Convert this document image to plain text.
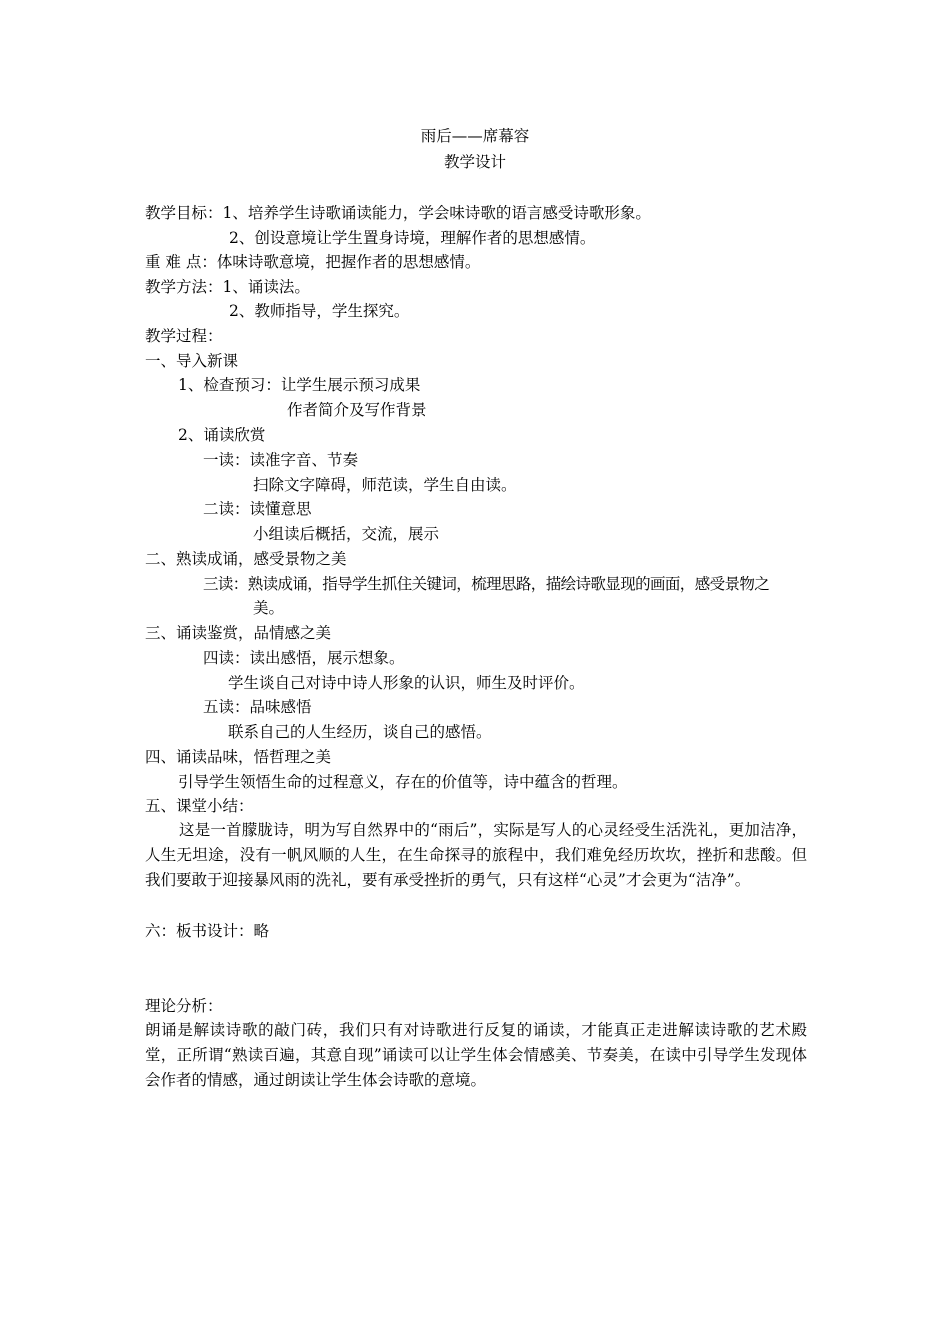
雨后——席幕容
教学设计
教学目标：1、培养学生诗歌诵读能力，学会味诗歌的语言感受诗歌形象。
2、创设意境让学生置身诗境，理解作者的思想感情。
重 难 点：体味诗歌意境，把握作者的思想感情。
教学方法：1、诵读法。
2、教师指导，学生探究。
教学过程：
一、导入新课
1、检查预习：让学生展示预习成果
作者简介及写作背景
2、诵读欣赏
一读：读准字音、节奏
扫除文字障碍，师范读，学生自由读。
二读：读懂意思
小组读后概括，交流，展示
二、熟读成诵，感受景物之美
三读：熟读成诵，指导学生抓住关键词，梳理思路，描绘诗歌显现的画面，感受景物之
美。
三、诵读鉴赏，品情感之美
四读：读出感悟，展示想象。
学生谈自己对诗中诗人形象的认识，师生及时评价。
五读：品味感悟
联系自己的人生经历，谈自己的感悟。
四、诵读品味，悟哲理之美
引导学生领悟生命的过程意义，存在的价值等，诗中蕴含的哲理。
五、课堂小结：
这是一首朦胧诗，明为写自然界中的“雨后”，实际是写人的心灵经受生活洗礼，更加洁净，人生无坦途，没有一帆风顺的人生，在生命探寻的旅程中，我们难免经历坎坎，挫折和悲酸。但我们要敢于迎接暴风雨的洗礼，要有承受挫折的勇气，只有这样“心灵”才会更为“洁净”。
六：板书设计：略
理论分析：
朗诵是解读诗歌的敲门砖，我们只有对诗歌进行反复的诵读，才能真正走进解读诗歌的艺术殿堂，正所谓“熟读百遍，其意自现”诵读可以让学生体会情感美、节奏美，在读中引导学生发现体会作者的情感，通过朗读让学生体会诗歌的意境。
